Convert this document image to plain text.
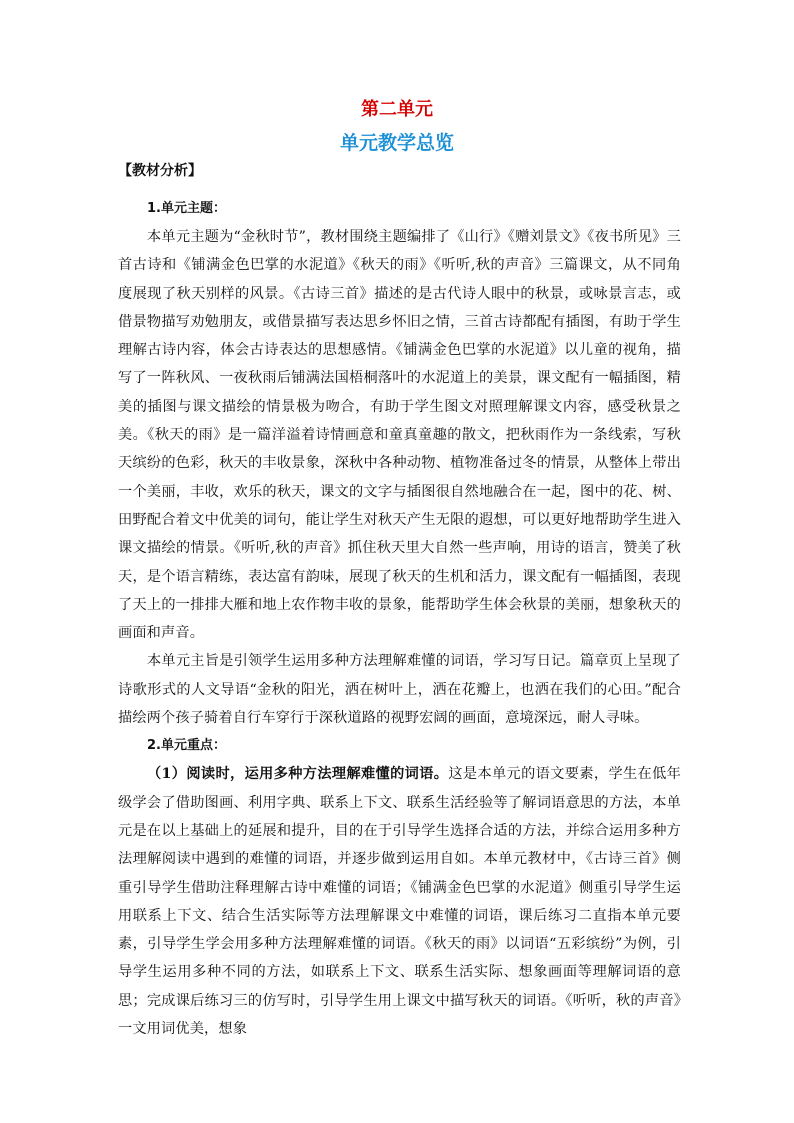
第二单元
单元教学总览
【教材分析】
1.单元主题：

本单元主题为“金秋时节”，教材围绕主题编排了《山行》《赠刘景文》《夜书所见》三首古诗和《铺满金色巴掌的水泥道》《秋天的雨》《听听,秋的声音》三篇课文，从不同角度展现了秋天别样的风景。《古诗三首》描述的是古代诗人眼中的秋景，或咏景言志，或借景物描写劝勉朋友，或借景描写表达思乡怀旧之情，三首古诗都配有插图，有助于学生理解古诗内容，体会古诗表达的思想感情。《铺满金色巴掌的水泥道》以儿童的视角，描写了一阵秋风、一夜秋雨后铺满法国梧桐落叶的水泥道上的美景，课文配有一幅插图，精美的插图与课文描绘的情景极为吻合，有助于学生图文对照理解课文内容，感受秋景之美。《秋天的雨》是一篇洋溢着诗情画意和童真童趣的散文，把秋雨作为一条线索，写秋天缤纷的色彩，秋天的丰收景象，深秋中各种动物、植物准备过冬的情景，从整体上带出一个美丽，丰收，欢乐的秋天，课文的文字与插图很自然地融合在一起，图中的花、树、田野配合着文中优美的词句，能让学生对秋天产生无限的遐想，可以更好地帮助学生进入课文描绘的情景。《听听,秋的声音》抓住秋天里大自然一些声响，用诗的语言，赞美了秋天，是个语言精练，表达富有韵味，展现了秋天的生机和活力，课文配有一幅插图，表现了天上的一排排大雁和地上农作物丰收的景象，能帮助学生体会秋景的美丽，想象秋天的画面和声音。

本单元主旨是引领学生运用多种方法理解难懂的词语，学习写日记。篇章页上呈现了诗歌形式的人文导语“金秋的阳光，洒在树叶上，洒在花瓣上，也洒在我们的心田。”配合描绘两个孩子骑着自行车穿行于深秋道路的视野宏阔的画面，意境深远，耐人寻味。

2.单元重点：

（1）阅读时，运用多种方法理解难懂的词语。这是本单元的语文要素，学生在低年级学会了借助图画、利用字典、联系上下文、联系生活经验等了解词语意思的方法，本单元是在以上基础上的延展和提升，目的在于引导学生选择合适的方法，并综合运用多种方法理解阅读中遇到的难懂的词语，并逐步做到运用自如。本单元教材中，《古诗三首》侧重引导学生借助注释理解古诗中难懂的词语；《铺满金色巴掌的水泥道》侧重引导学生运用联系上下文、结合生活实际等方法理解课文中难懂的词语，课后练习二直指本单元要素，引导学生学会用多种方法理解难懂的词语。《秋天的雨》以词语“五彩缤纷”为例，引导学生运用多种不同的方法，如联系上下文、联系生活实际、想象画面等理解词语的意思；完成课后练习三的仿写时，引导学生用上课文中描写秋天的词语。《听听，秋的声音》一文用词优美，想象
